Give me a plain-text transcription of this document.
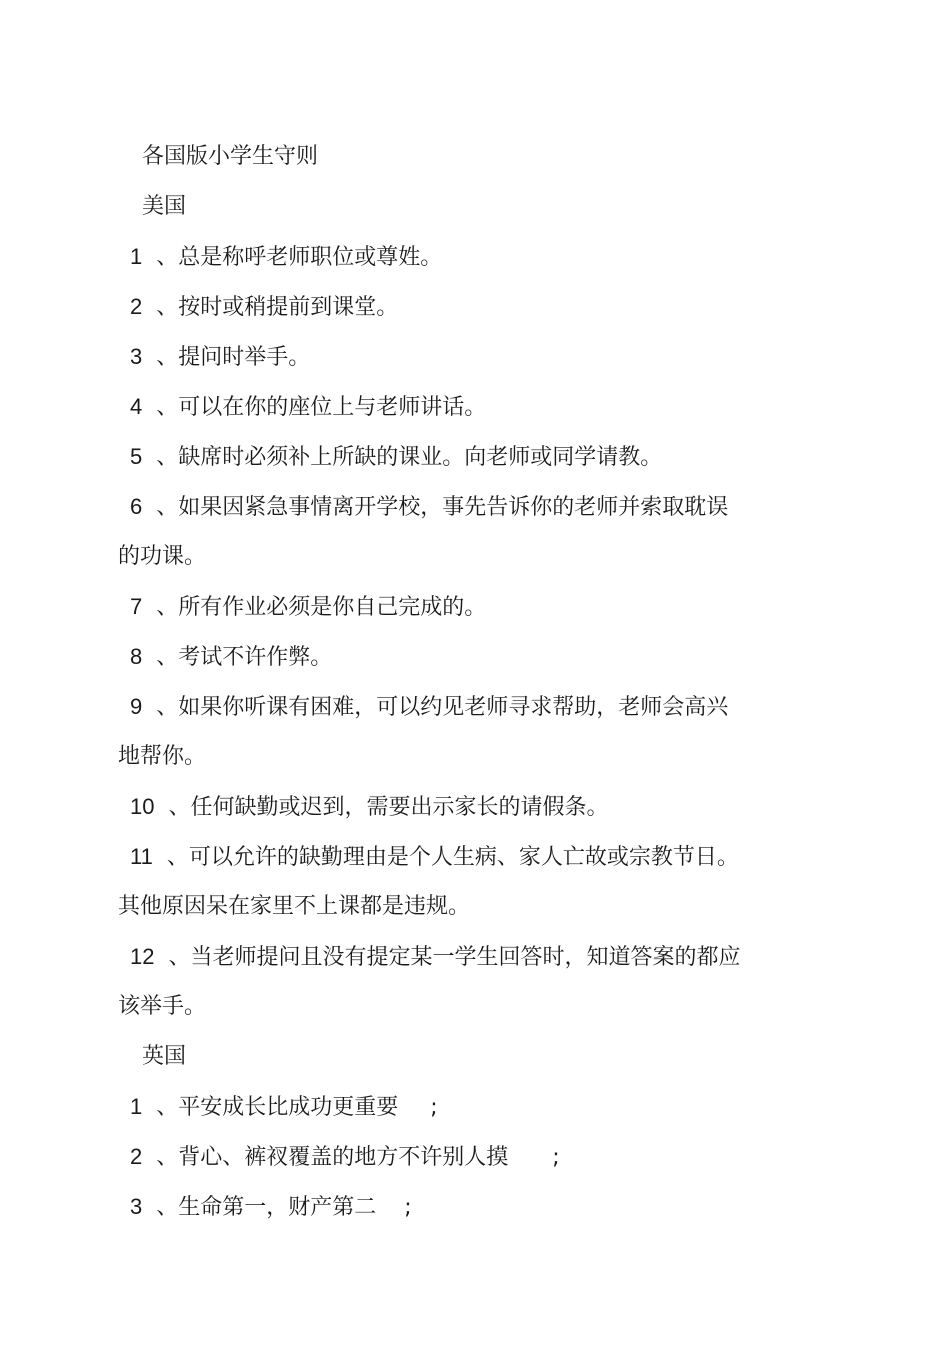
各国版小学生守则
美国
1 、总是称呼老师职位或尊姓。
2 、按时或稍提前到课堂。
3 、提问时举手。
4 、可以在你的座位上与老师讲话。
5 、缺席时必须补上所缺的课业。向老师或同学请教。
6 、如果因紧急事情离开学校，事先告诉你的老师并索取耽误
的功课。
7 、所有作业必须是你自己完成的。
8 、考试不许作弊。
9 、如果你听课有困难，可以约见老师寻求帮助，老师会高兴
地帮你。
10 、任何缺勤或迟到，需要出示家长的请假条。
11 、可以允许的缺勤理由是个人生病、家人亡故或宗教节日。
其他原因呆在家里不上课都是违规。
12 、当老师提问且没有提定某一学生回答时，知道答案的都应
该举手。
英国
1 、平安成长比成功更重要 ;
2 、背心、裤衩覆盖的地方不许别人摸 ;
3 、生命第一，财产第二 ;
